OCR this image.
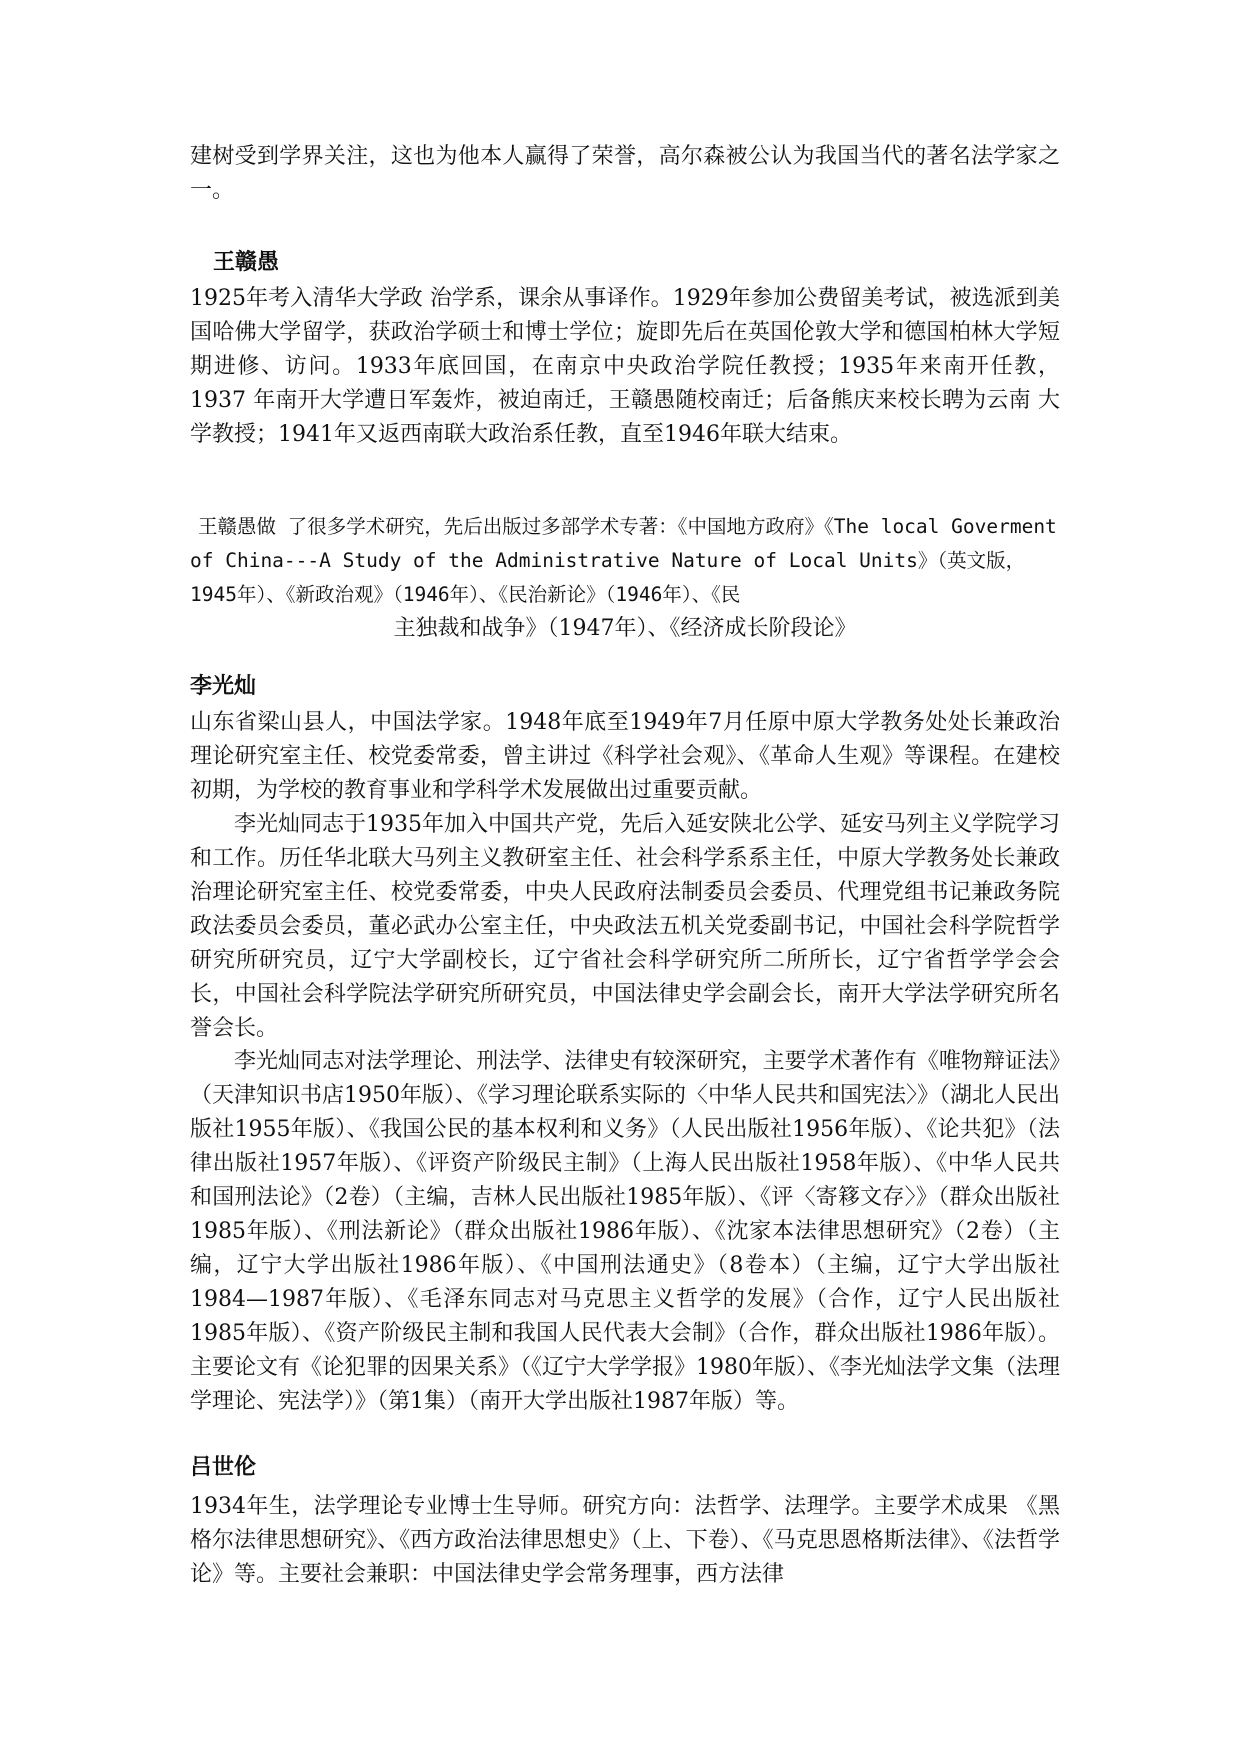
建树受到学界关注，这也为他本人赢得了荣誉，高尔森被公认为我国当代的著名法学家之一。

王赣愚

1925年考入清华大学政 治学系，课余从事译作。1929年参加公费留美考试，被选派到美国哈佛大学留学，获政治学硕士和博士学位；旋即先后在英国伦敦大学和德国柏林大学短期进修、访问。1933年底回国，在南京中央政治学院任教授；1935年来南开任教，1937 年南开大学遭日军轰炸，被迫南迁，王赣愚随校南迁；后备熊庆来校长聘为云南 大学教授；1941年又返西南联大政治系任教，直至1946年联大结束。

王赣愚做 了很多学术研究，先后出版过多部学术专著：《中国地方政府》《The local Goverment of China---A Study of the Administrative Nature of Local Units》（英文版，1945年）、《新政治观》（1946年）、《民治新论》（1946年）、《民

主独裁和战争》（1947年）、《经济成长阶段论》

李光灿

山东省梁山县人，中国法学家。1948年底至1949年7月任原中原大学教务处处长兼政治理论研究室主任、校党委常委，曾主讲过《科学社会观》、《革命人生观》等课程。在建校初期，为学校的教育事业和学科学术发展做出过重要贡献。

李光灿同志于1935年加入中国共产党，先后入延安陕北公学、延安马列主义学院学习和工作。历任华北联大马列主义教研室主任、社会科学系系主任，中原大学教务处长兼政治理论研究室主任、校党委常委，中央人民政府法制委员会委员、代理党组书记兼政务院政法委员会委员，董必武办公室主任，中央政法五机关党委副书记，中国社会科学院哲学研究所研究员，辽宁大学副校长，辽宁省社会科学研究所二所所长，辽宁省哲学学会会长，中国社会科学院法学研究所研究员，中国法律史学会副会长，南开大学法学研究所名誉会长。

李光灿同志对法学理论、刑法学、法律史有较深研究，主要学术著作有《唯物辩证法》（天津知识书店1950年版）、《学习理论联系实际的〈中华人民共和国宪法〉》（湖北人民出版社1955年版）、《我国公民的基本权利和义务》（人民出版社1956年版）、《论共犯》（法律出版社1957年版）、《评资产阶级民主制》（上海人民出版社1958年版）、《中华人民共和国刑法论》（2卷）（主编，吉林人民出版社1985年版）、《评〈寄簃文存〉》（群众出版社1985年版）、《刑法新论》（群众出版社1986年版）、《沈家本法律思想研究》（2卷）（主编，辽宁大学出版社1986年版）、《中国刑法通史》（8卷本）（主编，辽宁大学出版社1984—1987年版）、《毛泽东同志对马克思主义哲学的发展》（合作，辽宁人民出版社1985年版）、《资产阶级民主制和我国人民代表大会制》（合作，群众出版社1986年版）。主要论文有《论犯罪的因果关系》（《辽宁大学学报》1980年版）、《李光灿法学文集（法理学理论、宪法学）》（第1集）（南开大学出版社1987年版）等。

吕世伦

1934年生，法学理论专业博士生导师。研究方向：法哲学、法理学。主要学术成果 《黑格尔法律思想研究》、《西方政治法律思想史》（上、下卷）、《马克思恩格斯法律》、《法哲学论》等。主要社会兼职：中国法律史学会常务理事，西方法律
